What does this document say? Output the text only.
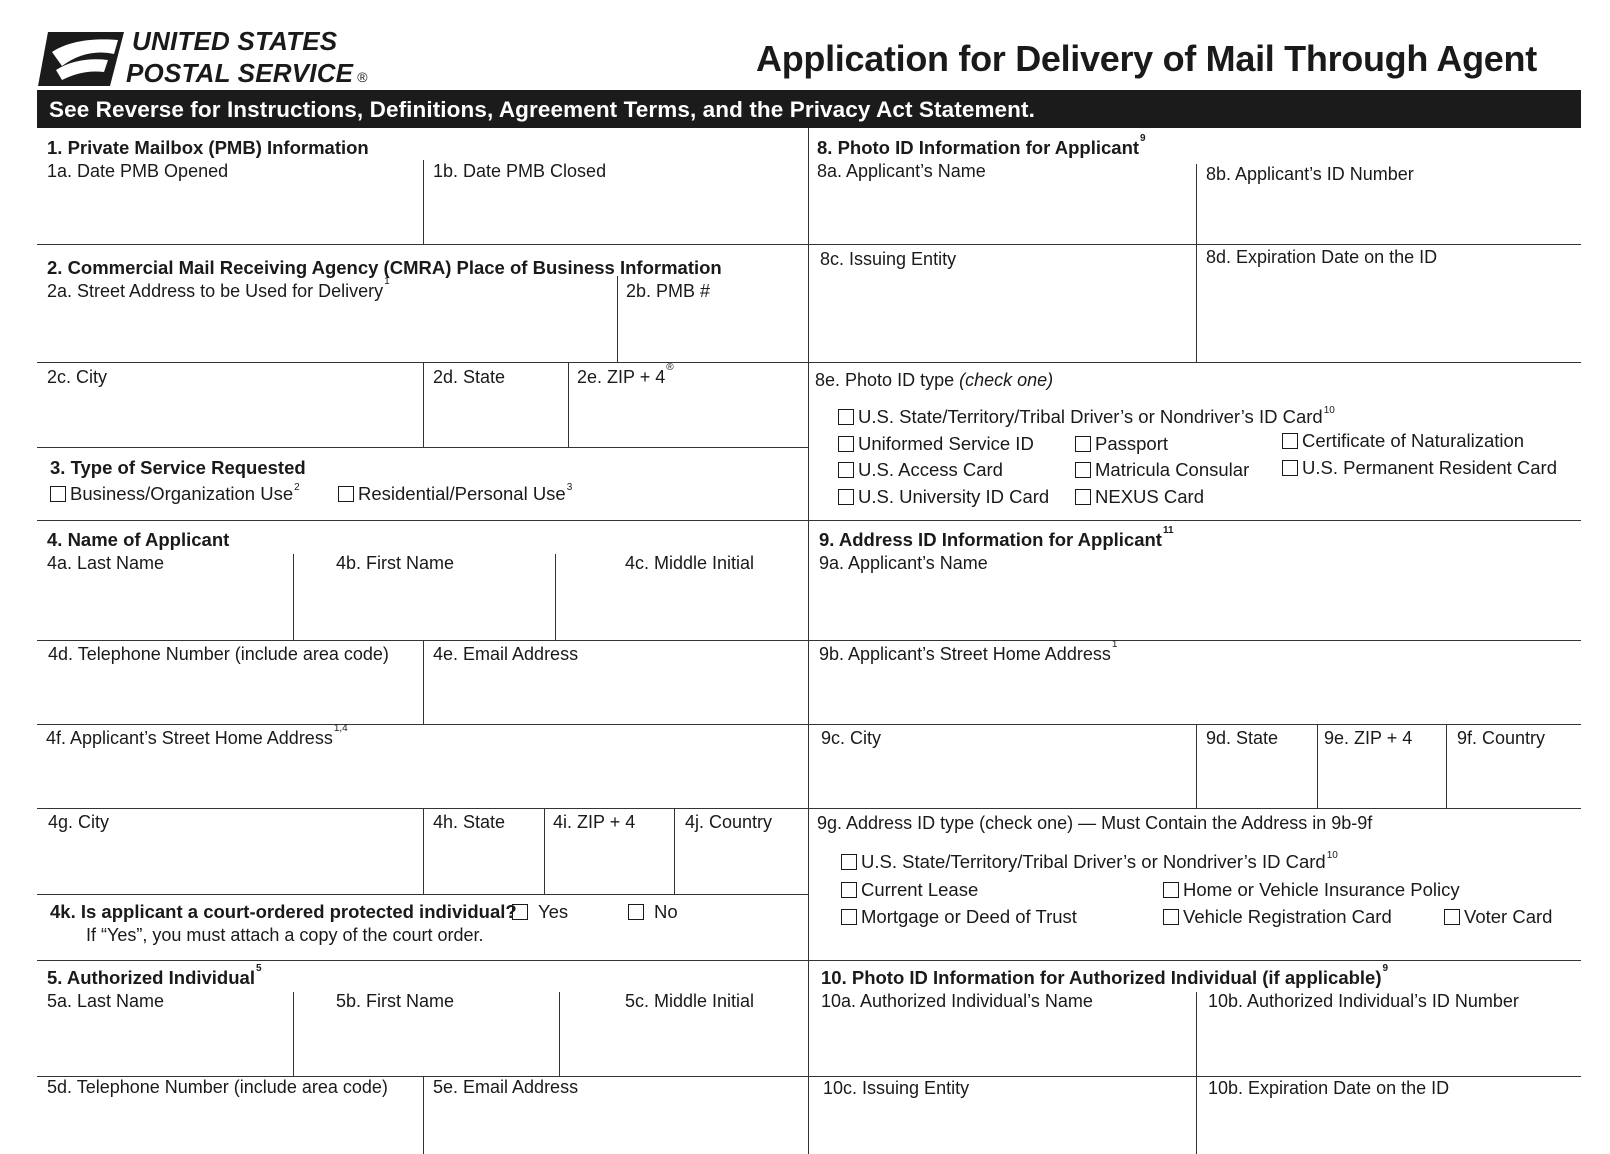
UNITED STATES
POSTAL SERVICE ®	Application for Delivery of Mail Through Agent
See Reverse for Instructions, Definitions, Agreement Terms, and the Privacy Act Statement.
1. Private Mailbox (PMB) Information
1a. Date PMB Opened	1b. Date PMB Closed
2. Commercial Mail Receiving Agency (CMRA) Place of Business Information
2a. Street Address to be Used for Delivery$^1$	2b. PMB #
2c. City	2d. State	2e. ZIP + 4®
3. Type of Service Requested
Business/Organization Use$^2$	Residential/Personal Use$^3$
4. Name of Applicant
4a. Last Name	4b. First Name	4c. Middle Initial
4d. Telephone Number (include area code) 4e. Email Address
4f. Applicant’s Street Home Address$^{1,4}$
4g. City	4h. State	4i. ZIP + 4	4j. Country
4k. Is applicant a court-ordered protected individual? Yes	No
If “Yes”, you must attach a copy of the court order.
5. Authorized Individual$^5$
5a. Last Name	5b. First Name	5c. Middle Initial
5d. Telephone Number (include area code)	5e. Email Address
8. Photo ID Information for Applicant$^9$
8a. Applicant’s Name	8b. Applicant’s ID Number
8c. Issuing Entity	8d. Expiration Date on the ID
8e. Photo ID type (check one)
U.S. State/Territory/Tribal Driver’s or Nondriver’s ID Card$^{10}$
Uniformed Service ID	Passport	Certificate of Naturalization
U.S. Access Card	Matricula Consular	U.S. Permanent Resident Card
U.S. University ID Card NEXUS Card
9. Address ID Information for Applicant$^{11}$
9a. Applicant’s Name
9b. Applicant’s Street Home Address$^1$
9c. City	9d. State	9e. ZIP + 4 9f. Country
9g. Address ID type (check one) — Must Contain the Address in 9b-9f
U.S. State/Territory/Tribal Driver’s or Nondriver’s ID Card$^{10}$
Current Lease	Home or Vehicle Insurance Policy
Mortgage or Deed of Trust	Vehicle Registration Card	Voter Card
10. Photo ID Information for Authorized Individual (if applicable)$^9$
10a. Authorized Individual’s Name	10b. Authorized Individual’s ID Number
10c. Issuing Entity	10b. Expiration Date on the ID
